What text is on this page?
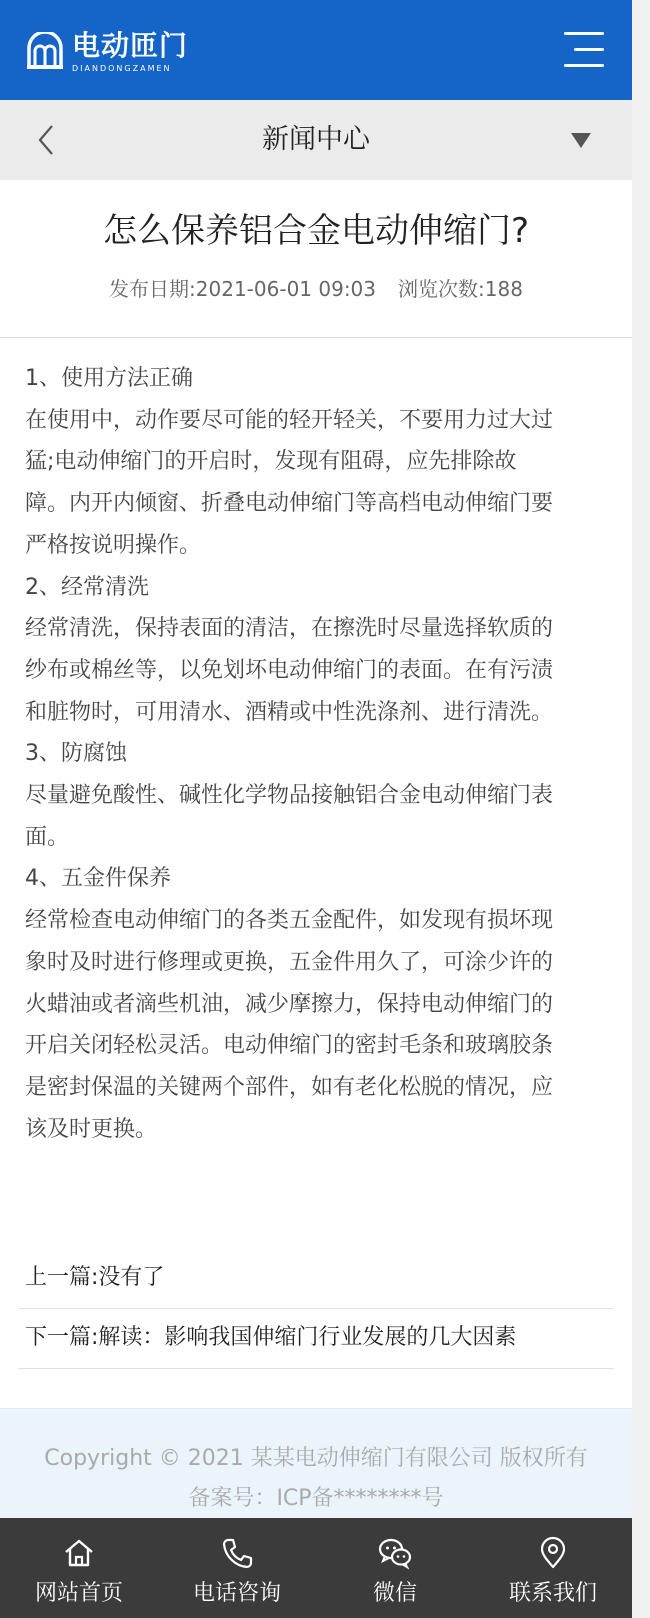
电动匝门
DIANDONGZAMEN
新闻中心
怎么保养铝合金电动伸缩门?
发布日期:2021-06-01 09:03 浏览次数:188

1、使用方法正确

在使用中，动作要尽可能的轻开轻关，不要用力过大过

猛;电动伸缩门的开启时，发现有阻碍，应先排除故

障。内开内倾窗、折叠电动伸缩门等高档电动伸缩门要

严格按说明操作。

2、经常清洗

经常清洗，保持表面的清洁，在擦洗时尽量选择软质的

纱布或棉丝等，以免划坏电动伸缩门的表面。在有污渍

和脏物时，可用清水、酒精或中性洗涤剂、进行清洗。

3、防腐蚀

尽量避免酸性、碱性化学物品接触铝合金电动伸缩门表

面。

4、五金件保养

经常检查电动伸缩门的各类五金配件，如发现有损坏现

象时及时进行修理或更换，五金件用久了，可涂少许的

火蜡油或者滴些机油，减少摩擦力，保持电动伸缩门的

开启关闭轻松灵活。电动伸缩门的密封毛条和玻璃胶条

是密封保温的关键两个部件，如有老化松脱的情况，应

该及时更换。

上一篇:没有了
下一篇:解读：影响我国伸缩门行业发展的几大因素
Copyright © 2021 某某电动伸缩门有限公司 版权所有
备案号：ICP备********号
网站首页	电话咨询	微信	联系我们
